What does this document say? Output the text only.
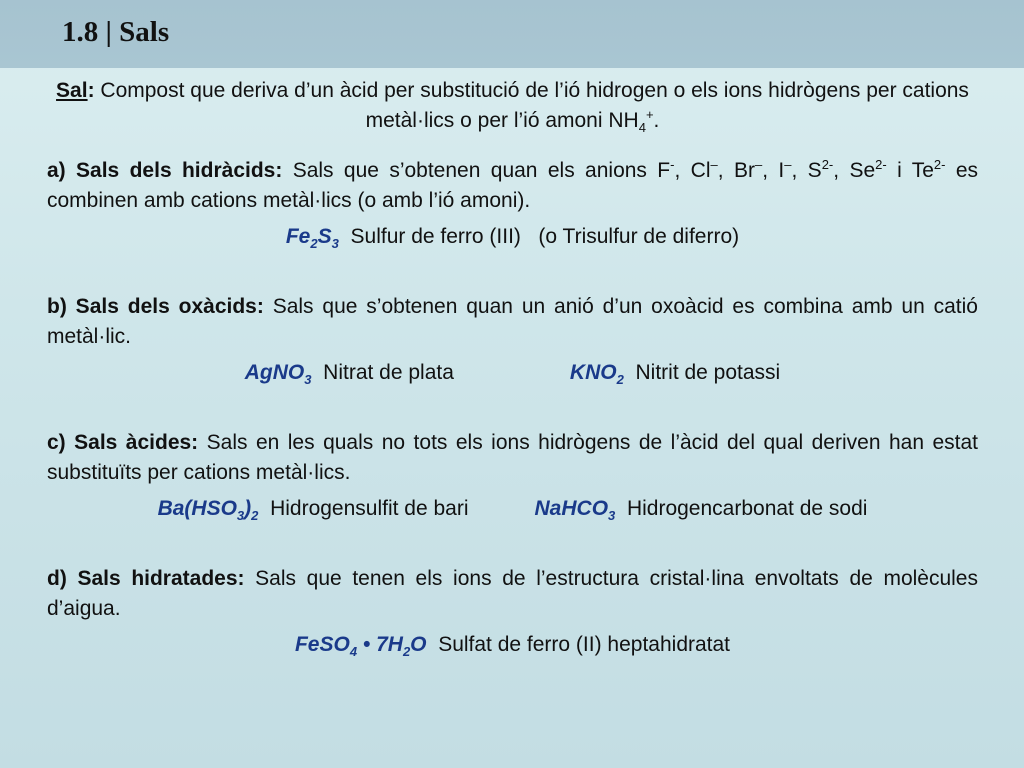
1.8 | Sals

Sal: Compost que deriva d’un àcid per substitució de l’ió hidrogen o els ions hidrògens per cations metàl·lics o per l’ió amoni $NH_4^+$.

a) Sals dels hidràcids: Sals que s’obtenen quan els anions F-, Cl–, Br–, I–, $S^{2-}$, $Se^{2-}$ i $Te^{2-}$ es combinen amb cations metàl·lics (o amb l’ió amoni).

$Fe_2S_3$ Sulfur de ferro (III)   (o Trisulfur de diferro)

b) Sals dels oxàcids: Sals que s’obtenen quan un anió d’un oxoàcid es combina amb un catió metàl·lic.

AgNO$_3$ Nitrat de plata	$KNO_2$ Nitrit de potassi

c) Sals àcides: Sals en les quals no tots els ions hidrògens de l’àcid del qual deriven han estat substituïts per cations metàl·lics.

$Ba(HSO_3)_2$ Hidrogensulfit de bari	NaHCO$_3$ Hidrogencarbonat de sodi

d) Sals hidratades: Sals que tenen els ions de l’estructura cristal·lina envoltats de molècules d’aigua.

FeSO$_4$ • $7H_2O$ Sulfat de ferro (II) heptahidratat
